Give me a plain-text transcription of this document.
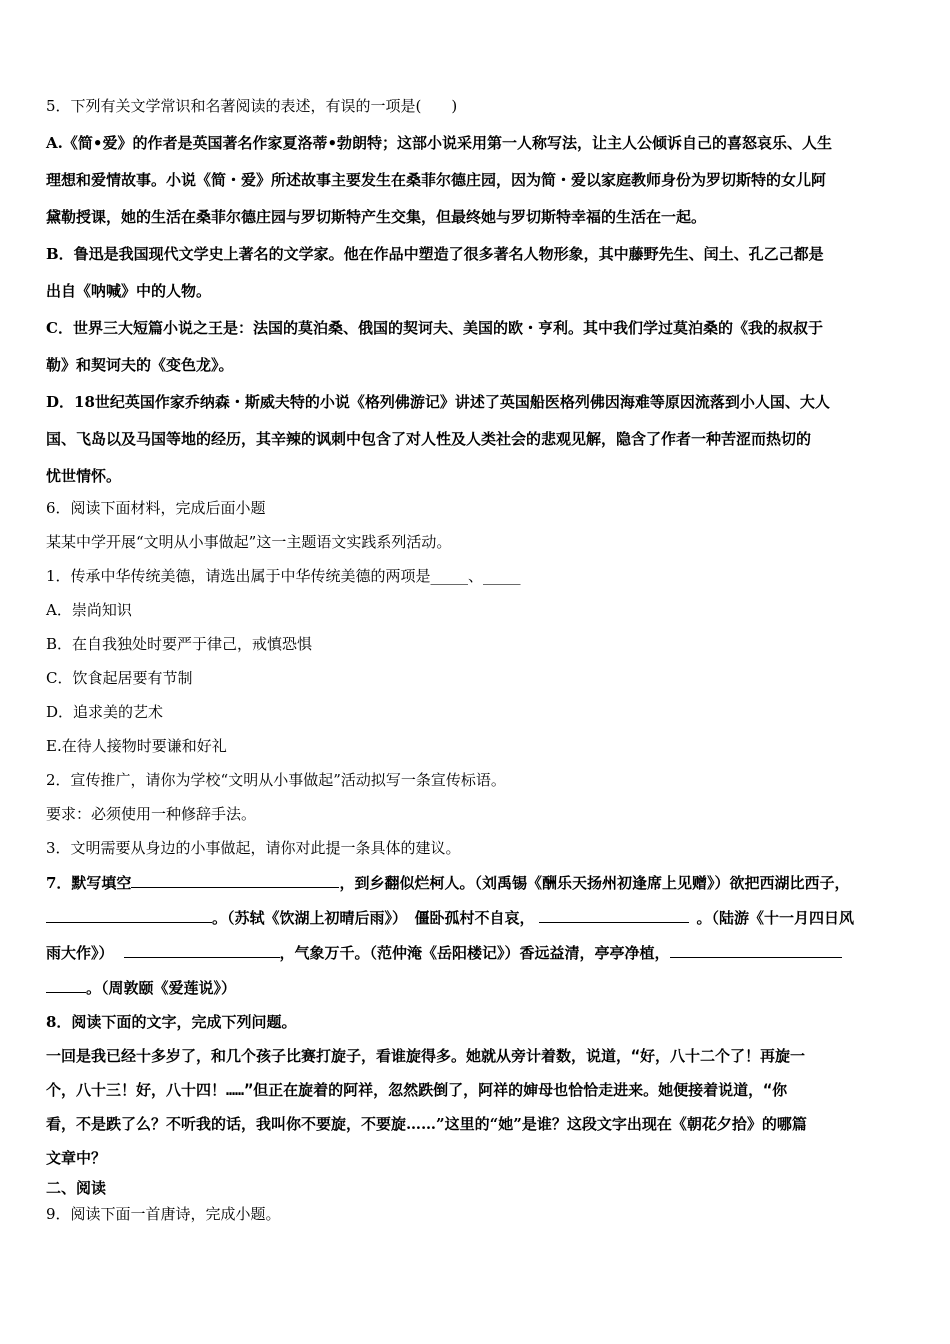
5．下列有关文学常识和名著阅读的表述，有误的一项是(　　)
A.《简•爱》的作者是英国著名作家夏洛蒂•勃朗特；这部小说采用第一人称写法，让主人公倾诉自己的喜怒哀乐、人生
理想和爱情故事。小说《简・爱》所述故事主要发生在桑菲尔德庄园，因为简・爱以家庭教师身份为罗切斯特的女儿阿
黛勒授课，她的生活在桑菲尔德庄园与罗切斯特产生交集，但最终她与罗切斯特幸福的生活在一起。
B．鲁迅是我国现代文学史上著名的文学家。他在作品中塑造了很多著名人物形象，其中藤野先生、闰土、孔乙己都是
出自《呐喊》中的人物。
C．世界三大短篇小说之王是：法国的莫泊桑、俄国的契诃夫、美国的欧・亨利。其中我们学过莫泊桑的《我的叔叔于
勒》和契诃夫的《变色龙》。
D．18世纪英国作家乔纳森・斯威夫特的小说《格列佛游记》讲述了英国船医格列佛因海难等原因流落到小人国、大人
国、飞岛以及马国等地的经历，其辛辣的讽刺中包含了对人性及人类社会的悲观见解，隐含了作者一种苦涩而热切的
忧世情怀。
6．阅读下面材料，完成后面小题
某某中学开展“文明从小事做起”这一主题语文实践系列活动。
1．传承中华传统美德，请选出属于中华传统美德的两项是_____、_____
A．崇尚知识
B．在自我独处时要严于律己，戒慎恐惧
C．饮食起居要有节制
D．追求美的艺术
E.在待人接物时要谦和好礼
2．宣传推广，请你为学校“文明从小事做起”活动拟写一条宣传标语。
要求：必须使用一种修辞手法。
3．文明需要从身边的小事做起，请你对此提一条具体的建议。
7．默写填空	，到乡翻似烂柯人。（刘禹锡《酬乐天扬州初逢席上见赠》）欲把西湖比西子，
。（苏轼《饮湖上初晴后雨》）　僵卧孤村不自哀，	。（陆游《十一月四日风
雨大作》）	，气象万千。（范仲淹《岳阳楼记》）香远益清，亭亭净植，
。（周敦颐《爱莲说》）
8．阅读下面的文字，完成下列问题。
一回是我已经十多岁了，和几个孩子比赛打旋子，看谁旋得多。她就从旁计着数，说道，“好，八十二个了！再旋一
个，八十三！好，八十四！……”但正在旋着的阿祥，忽然跌倒了，阿祥的婶母也恰恰走进来。她便接着说道，“你
看，不是跌了么？不听我的话，我叫你不要旋，不要旋……”这里的“她”是谁？这段文字出现在《朝花夕拾》的哪篇
文章中？
二、阅读
9．阅读下面一首唐诗，完成小题。
